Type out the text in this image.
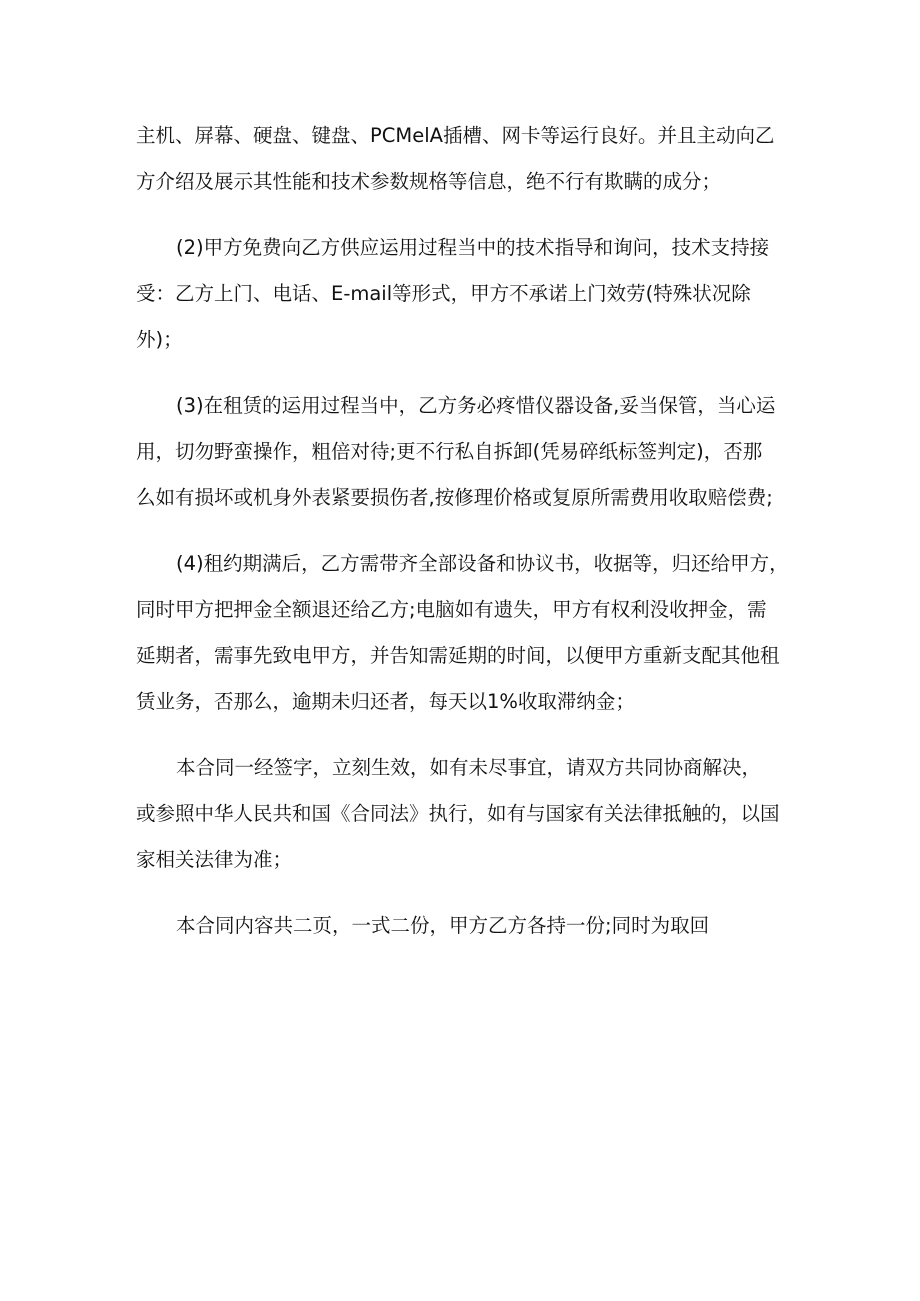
主机、屏幕、硬盘、键盘、PCMelA插槽、网卡等运行良好。并且主动向乙
方介绍及展示其性能和技术参数规格等信息，绝不行有欺瞒的成分；
(2)甲方免费向乙方供应运用过程当中的技术指导和询问，技术支持接
受：乙方上门、电话、E-mail等形式，甲方不承诺上门效劳(特殊状况除
外)；
(3)在租赁的运用过程当中，乙方务必疼惜仪器设备,妥当保管，当心运
用，切勿野蛮操作，粗倍对待;更不行私自拆卸(凭易碎纸标签判定)，否那
么如有损坏或机身外表紧要损伤者,按修理价格或复原所需费用收取赔偿费;
(4)租约期满后，乙方需带齐全部设备和协议书，收据等，归还给甲方，
同时甲方把押金全额退还给乙方;电脑如有遗失，甲方有权利没收押金，需
延期者，需事先致电甲方，并告知需延期的时间，以便甲方重新支配其他租
赁业务，否那么，逾期未归还者，每天以1%收取滞纳金；
本合同一经签字，立刻生效，如有未尽事宜，请双方共同协商解决，
或参照中华人民共和国《合同法》执行，如有与国家有关法律抵触的，以国
家相关法律为准；
本合同内容共二页，一式二份，甲方乙方各持一份;同时为取回
